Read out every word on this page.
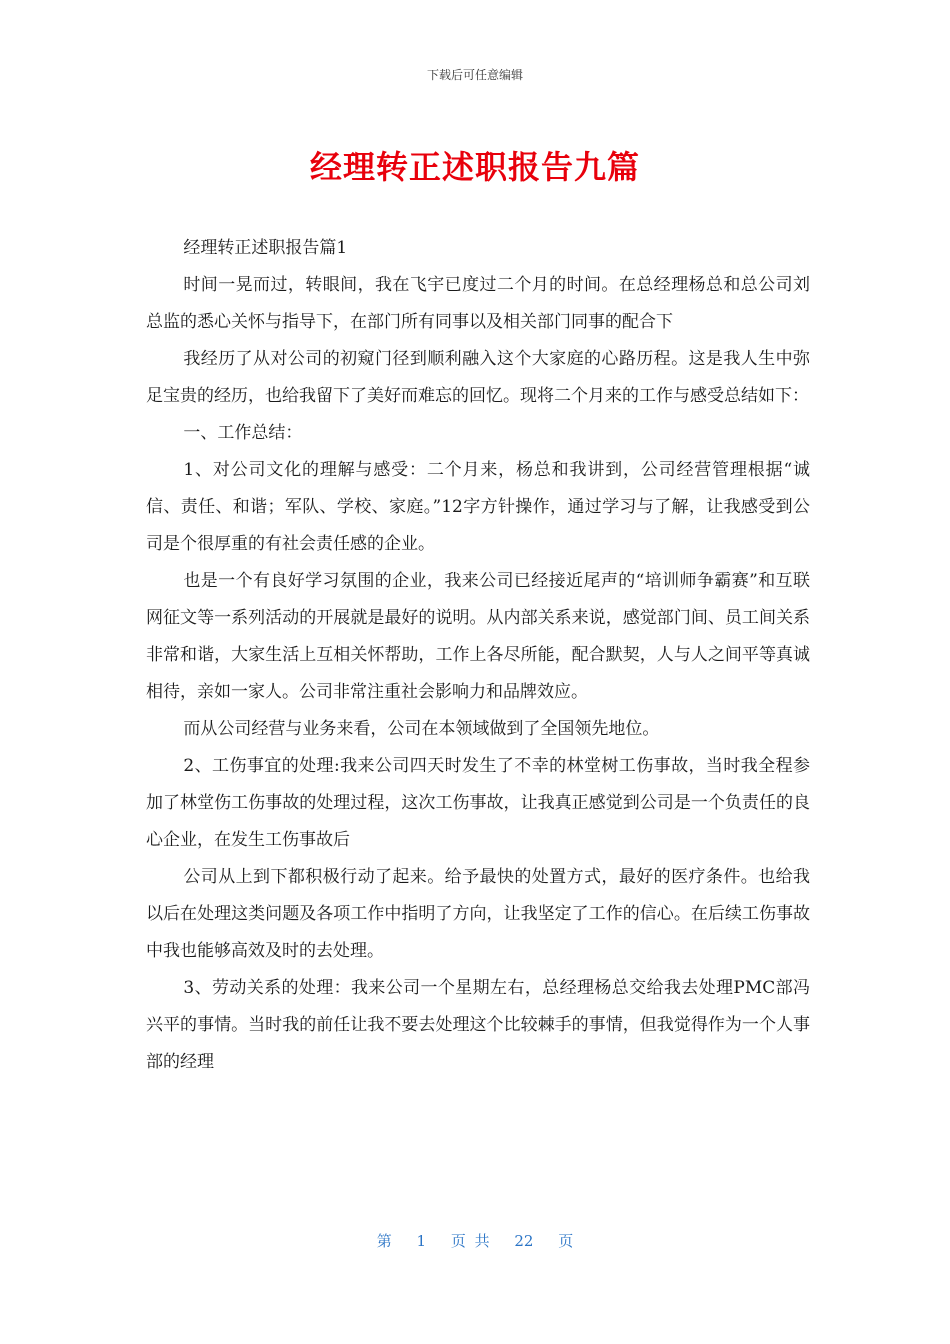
下载后可任意编辑
经理转正述职报告九篇

经理转正述职报告篇1

时间一晃而过，转眼间，我在飞宇已度过二个月的时间。在总经理杨总和总公司刘总监的悉心关怀与指导下，在部门所有同事以及相关部门同事的配合下

我经历了从对公司的初窥门径到顺利融入这个大家庭的心路历程。这是我人生中弥足宝贵的经历，也给我留下了美好而难忘的回忆。现将二个月来的工作与感受总结如下：

一、工作总结：

1、对公司文化的理解与感受：二个月来，杨总和我讲到，公司经营管理根据“诚信、责任、和谐；军队、学校、家庭。”12字方针操作，通过学习与了解，让我感受到公司是个很厚重的有社会责任感的企业。

也是一个有良好学习氛围的企业，我来公司已经接近尾声的“培训师争霸赛”和互联网征文等一系列活动的开展就是最好的说明。从内部关系来说，感觉部门间、员工间关系非常和谐，大家生活上互相关怀帮助，工作上各尽所能，配合默契，人与人之间平等真诚相待，亲如一家人。公司非常注重社会影响力和品牌效应。

而从公司经营与业务来看，公司在本领域做到了全国领先地位。

2、工伤事宜的处理:我来公司四天时发生了不幸的林堂树工伤事故，当时我全程参加了林堂伤工伤事故的处理过程，这次工伤事故，让我真正感觉到公司是一个负责任的良心企业，在发生工伤事故后

公司从上到下都积极行动了起来。给予最快的处置方式，最好的医疗条件。也给我以后在处理这类问题及各项工作中指明了方向，让我坚定了工作的信心。在后续工伤事故中我也能够高效及时的去处理。

3、劳动关系的处理：我来公司一个星期左右，总经理杨总交给我去处理PMC部冯兴平的事情。当时我的前任让我不要去处理这个比较棘手的事情，但我觉得作为一个人事部的经理

第 1 页 共 22 页
